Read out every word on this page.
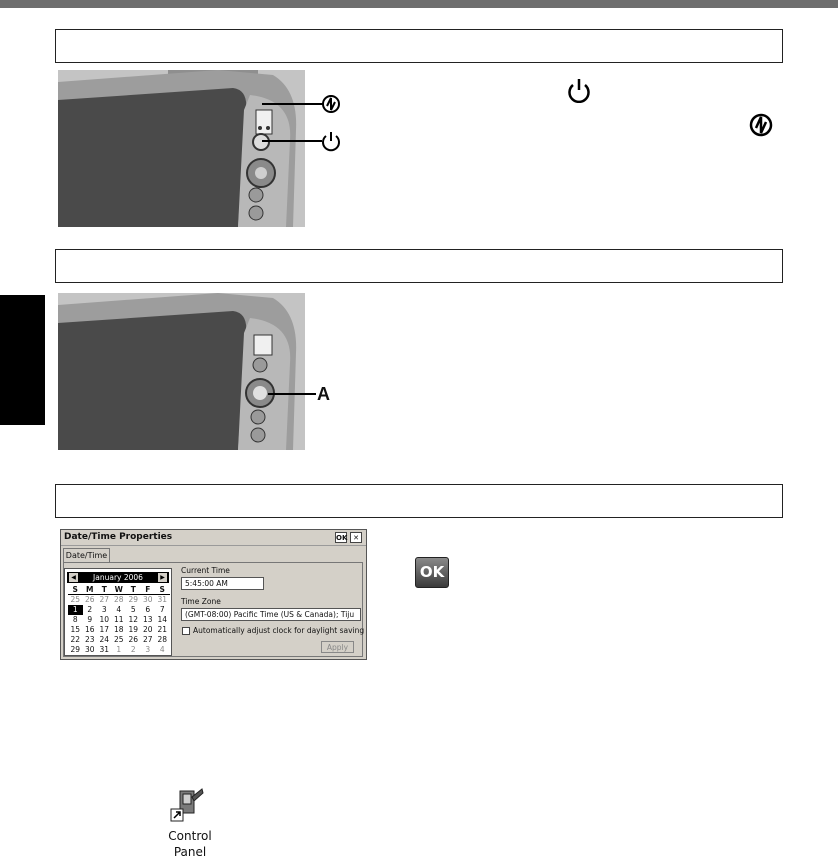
A
Date/Time Properties	OK ✕
Date/Time
◀ January 2006	▶
S	M	T	W	T	F	S
25 26 27 28 29 30 31
1	2	3	4	5	6	7
8	9 10 11 12 13 14
15 16 17 18 19 20 21
22 23 24 25 26 27 28
29 30 31 1	2	3	4
Current Time
5:45:00 AM
Time Zone
(GMT-08:00) Pacific Time (US & Canada); Tiju
Automatically adjust clock for daylight saving
Apply
OK
Control
Panel
